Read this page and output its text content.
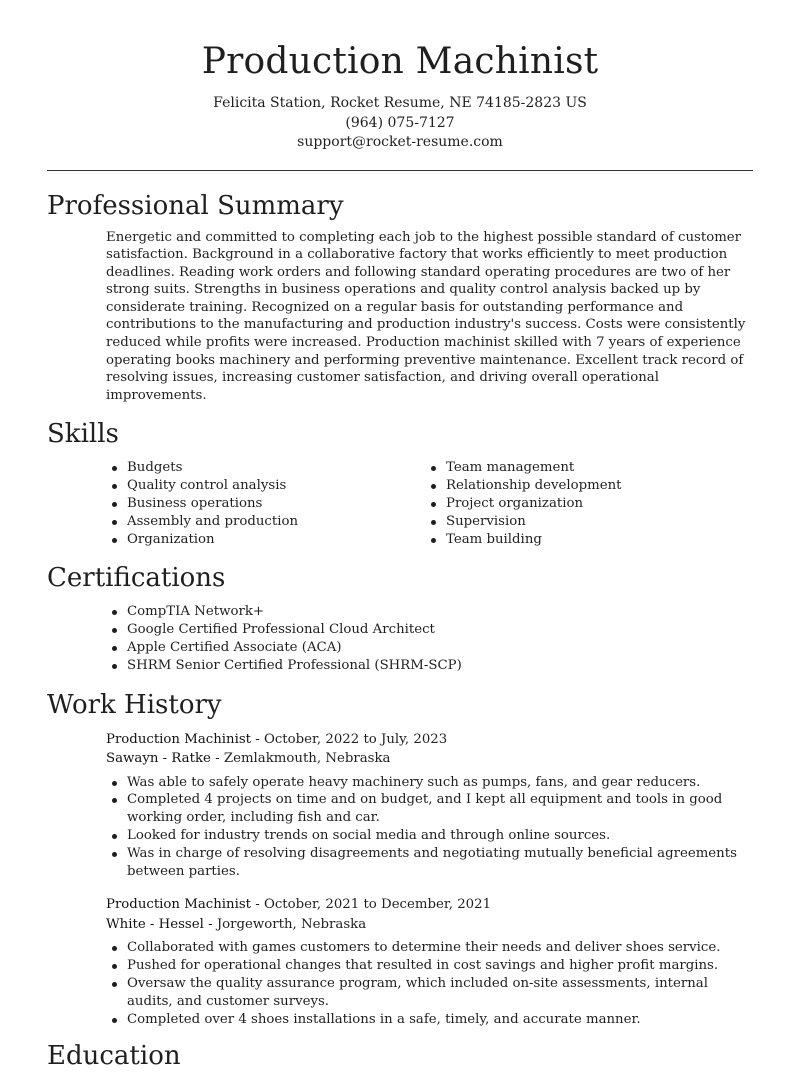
Production Machinist
Felicita Station, Rocket Resume, NE 74185-2823 US
(964) 075-7127
support@rocket-resume.com
Professional Summary
Energetic and committed to completing each job to the highest possible standard of customer satisfaction. Background in a collaborative factory that works efficiently to meet production deadlines. Reading work orders and following standard operating procedures are two of her strong suits. Strengths in business operations and quality control analysis backed up by considerate training. Recognized on a regular basis for outstanding performance and contributions to the manufacturing and production industry's success. Costs were consistently reduced while profits were increased. Production machinist skilled with 7 years of experience operating books machinery and performing preventive maintenance. Excellent track record of resolving issues, increasing customer satisfaction, and driving overall operational improvements.
Skills
Budgets
Quality control analysis
Business operations
Assembly and production
Organization
Team management
Relationship development
Project organization
Supervision
Team building
Certifications
CompTIA Network+
Google Certified Professional Cloud Architect
Apple Certified Associate (ACA)
SHRM Senior Certified Professional (SHRM-SCP)
Work History
Production Machinist - October, 2022 to July, 2023
Sawayn - Ratke - Zemlakmouth, Nebraska
Was able to safely operate heavy machinery such as pumps, fans, and gear reducers.
Completed 4 projects on time and on budget, and I kept all equipment and tools in good working order, including fish and car.
Looked for industry trends on social media and through online sources.
Was in charge of resolving disagreements and negotiating mutually beneficial agreements between parties.
Production Machinist - October, 2021 to December, 2021
White - Hessel - Jorgeworth, Nebraska
Collaborated with games customers to determine their needs and deliver shoes service.
Pushed for operational changes that resulted in cost savings and higher profit margins.
Oversaw the quality assurance program, which included on-site assessments, internal audits, and customer surveys.
Completed over 4 shoes installations in a safe, timely, and accurate manner.
Education
